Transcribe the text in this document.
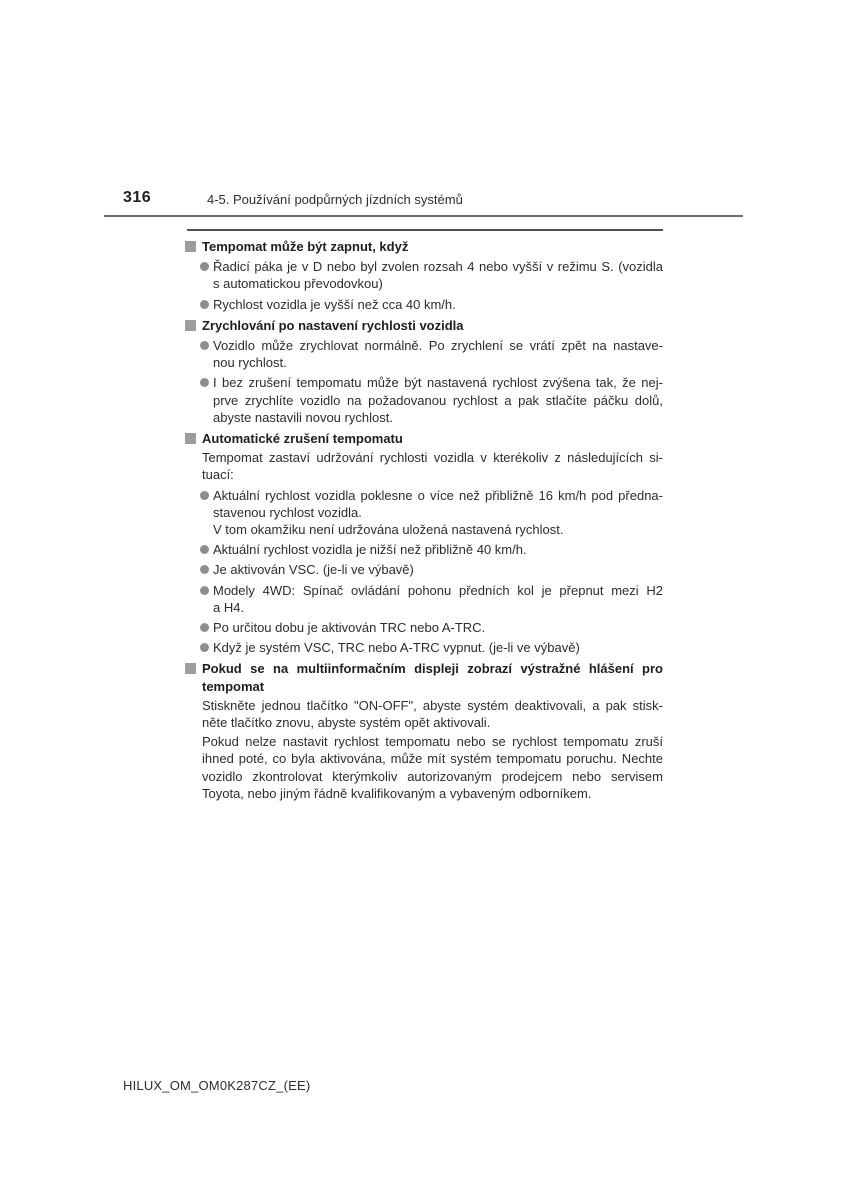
316	4-5. Používání podpůrných jízdních systémů
Tempomat může být zapnut, když
Řadicí páka je v D nebo byl zvolen rozsah 4 nebo vyšší v režimu S. (vozidla
s automatickou převodovkou)
Rychlost vozidla je vyšší než cca 40 km/h.
Zrychlování po nastavení rychlosti vozidla
Vozidlo může zrychlovat normálně. Po zrychlení se vrátí zpět na nastave-
nou rychlost.
I bez zrušení tempomatu může být nastavená rychlost zvýšena tak, že nej-
prve zrychlíte vozidlo na požadovanou rychlost a pak stlačíte páčku dolů,
abyste nastavili novou rychlost.
Automatické zrušení tempomatu
Tempomat zastaví udržování rychlosti vozidla v kterékoliv z následujících si-
tuací:
Aktuální rychlost vozidla poklesne o více než přibližně 16 km/h pod předna-
stavenou rychlost vozidla.
V tom okamžiku není udržována uložená nastavená rychlost.
Aktuální rychlost vozidla je nižší než přibližně 40 km/h.
Je aktivován VSC. (je-li ve výbavě)
Modely 4WD: Spínač ovládání pohonu předních kol je přepnut mezi H2
a H4.
Po určitou dobu je aktivován TRC nebo A-TRC.
Když je systém VSC, TRC nebo A-TRC vypnut. (je-li ve výbavě)
Pokud se na multiinformačním displeji zobrazí výstražné hlášení pro
tempomat
Stiskněte jednou tlačítko "ON-OFF", abyste systém deaktivovali, a pak stisk-
něte tlačítko znovu, abyste systém opět aktivovali.
Pokud nelze nastavit rychlost tempomatu nebo se rychlost tempomatu zruší
ihned poté, co byla aktivována, může mít systém tempomatu poruchu. Nechte
vozidlo zkontrolovat kterýmkoliv autorizovaným prodejcem nebo servisem
Toyota, nebo jiným řádně kvalifikovaným a vybaveným odborníkem.
HILUX_OM_OM0K287CZ_(EE)
